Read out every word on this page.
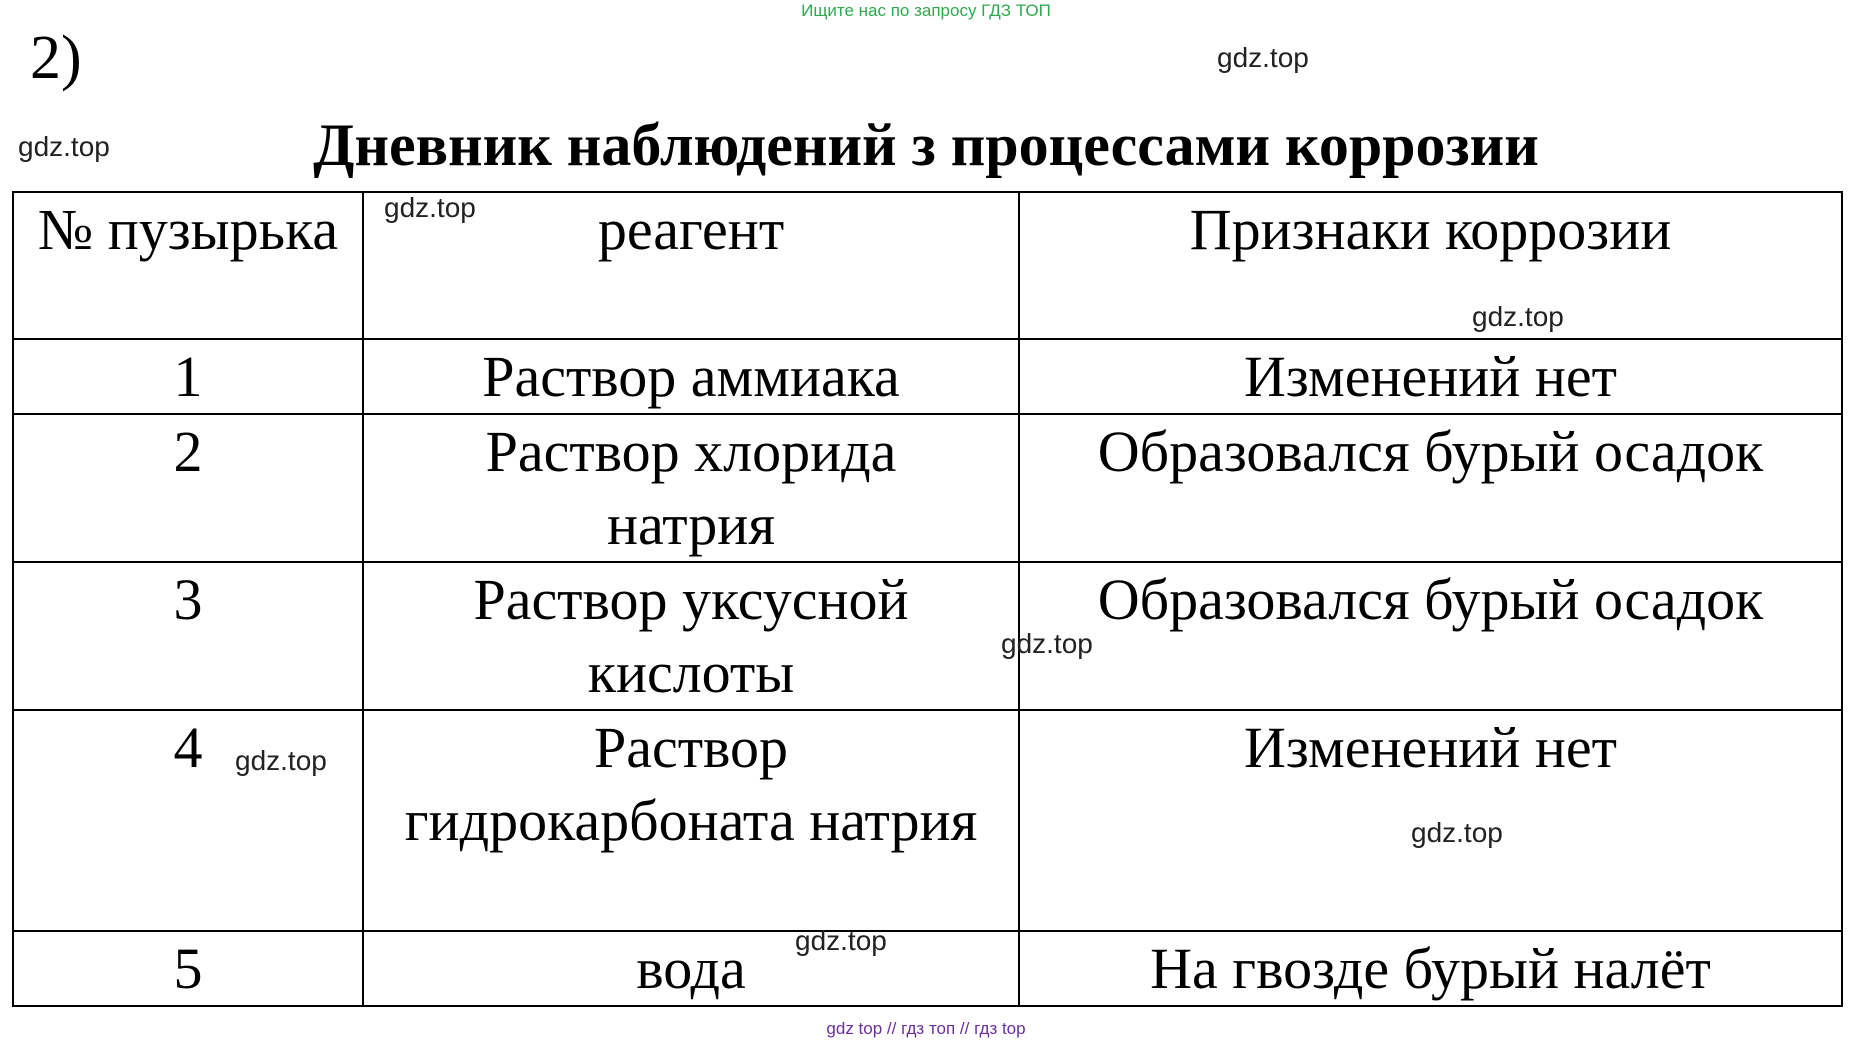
Ищите нас по запросу ГДЗ ТОП
2)
Дневник наблюдений з процессами коррозии
№ пузырька	реагент	Признаки коррозии
1	Раствор аммиака	Изменений нет
2	Раствор хлорида натрия	Образовался бурый осадок
3	Раствор уксусной кислоты	Образовался бурый осадок
4	Раствор гидрокарбоната натрия	Изменений нет
5	вода	На гвозде бурый налёт
gdz.top
gdz.top
gdz.top
gdz.top
gdz.top
gdz.top
gdz.top
gdz.top
gdz top // гдз топ // гдз top
